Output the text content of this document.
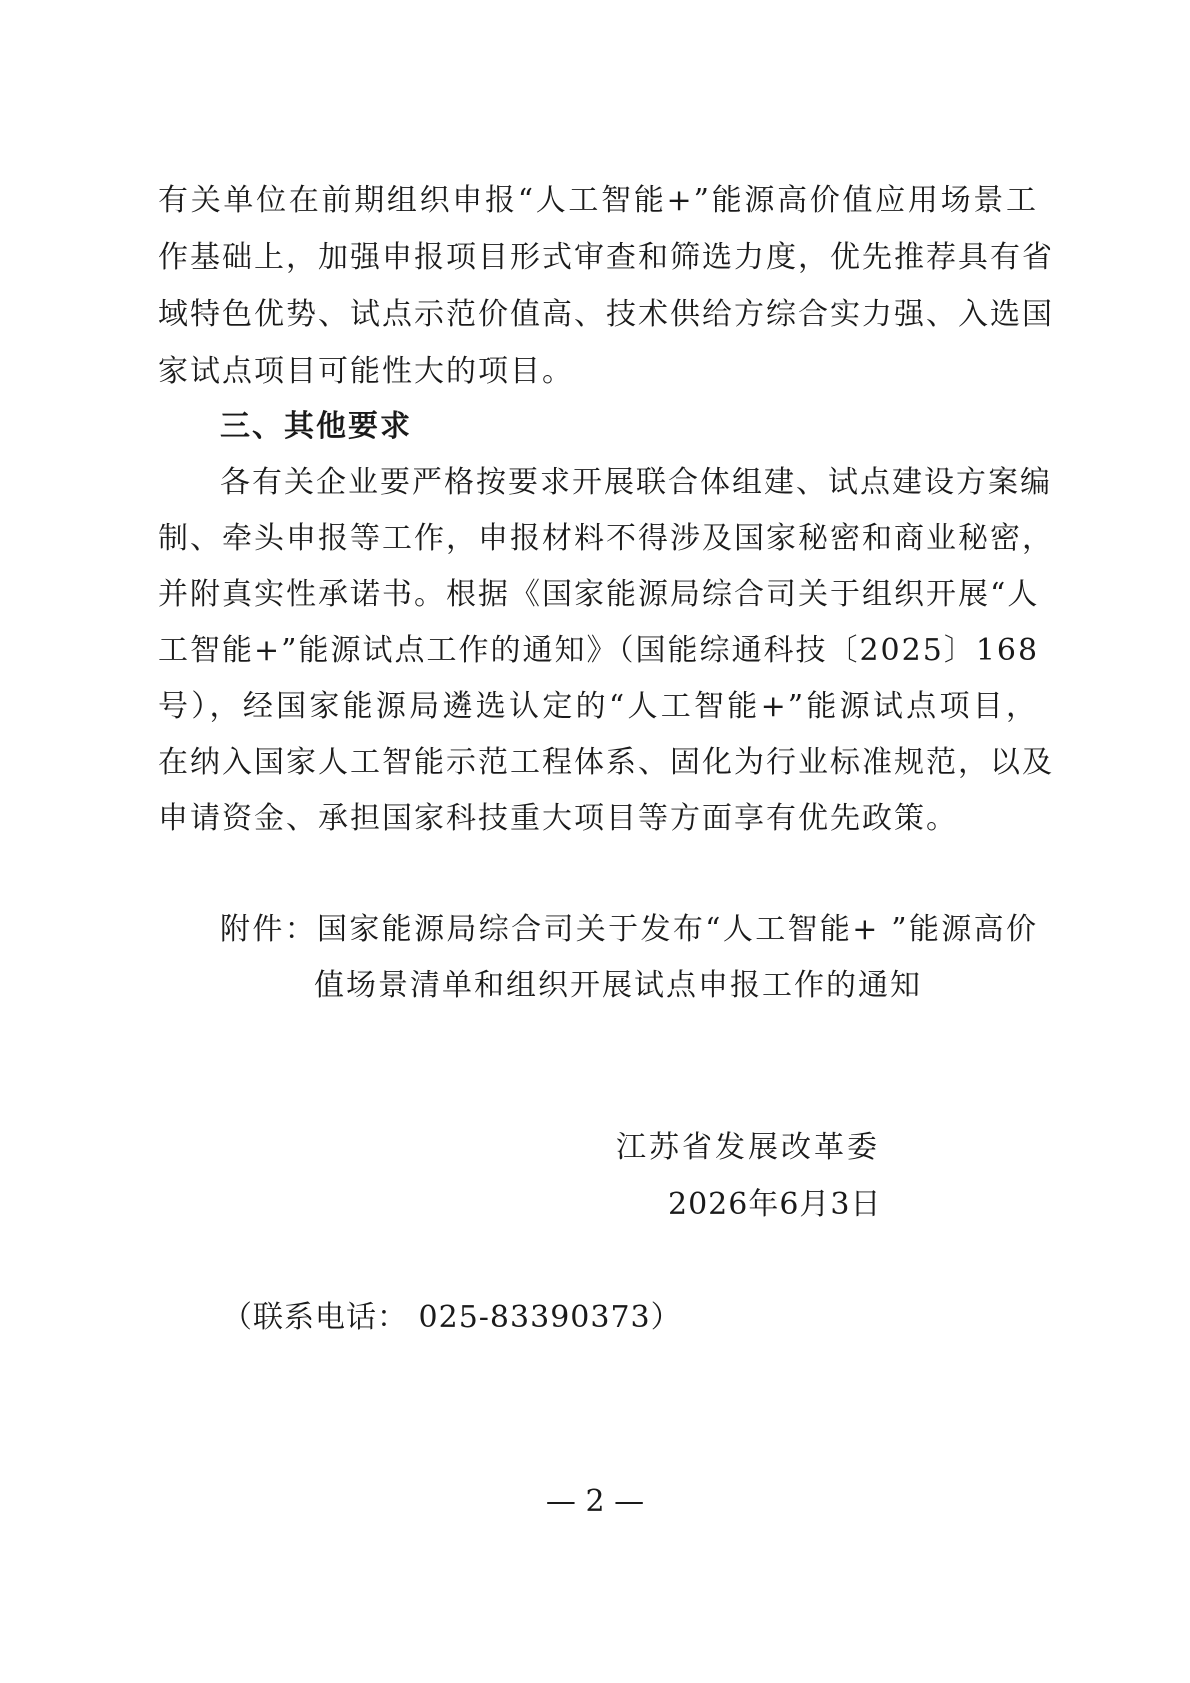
有关单位在前期组织申报“人工智能+”能源高价值应用场景工
作基础上，加强申报项目形式审查和筛选力度，优先推荐具有省
域特色优势、试点示范价值高、技术供给方综合实力强、入选国
家试点项目可能性大的项目。
三、其他要求
各有关企业要严格按要求开展联合体组建、试点建设方案编
制、牵头申报等工作，申报材料不得涉及国家秘密和商业秘密，
并附真实性承诺书。根据《国家能源局综合司关于组织开展“人
工智能+”能源试点工作的通知》（国能综通科技〔2025〕168
号），经国家能源局遴选认定的“人工智能+”能源试点项目，
在纳入国家人工智能示范工程体系、固化为行业标准规范，以及
申请资金、承担国家科技重大项目等方面享有优先政策。
附件：国家能源局综合司关于发布“人工智能+ ”能源高价
值场景清单和组织开展试点申报工作的通知
江苏省发展改革委
2026年6月3日
（联系电话： 025-83390373）
— 2 —
